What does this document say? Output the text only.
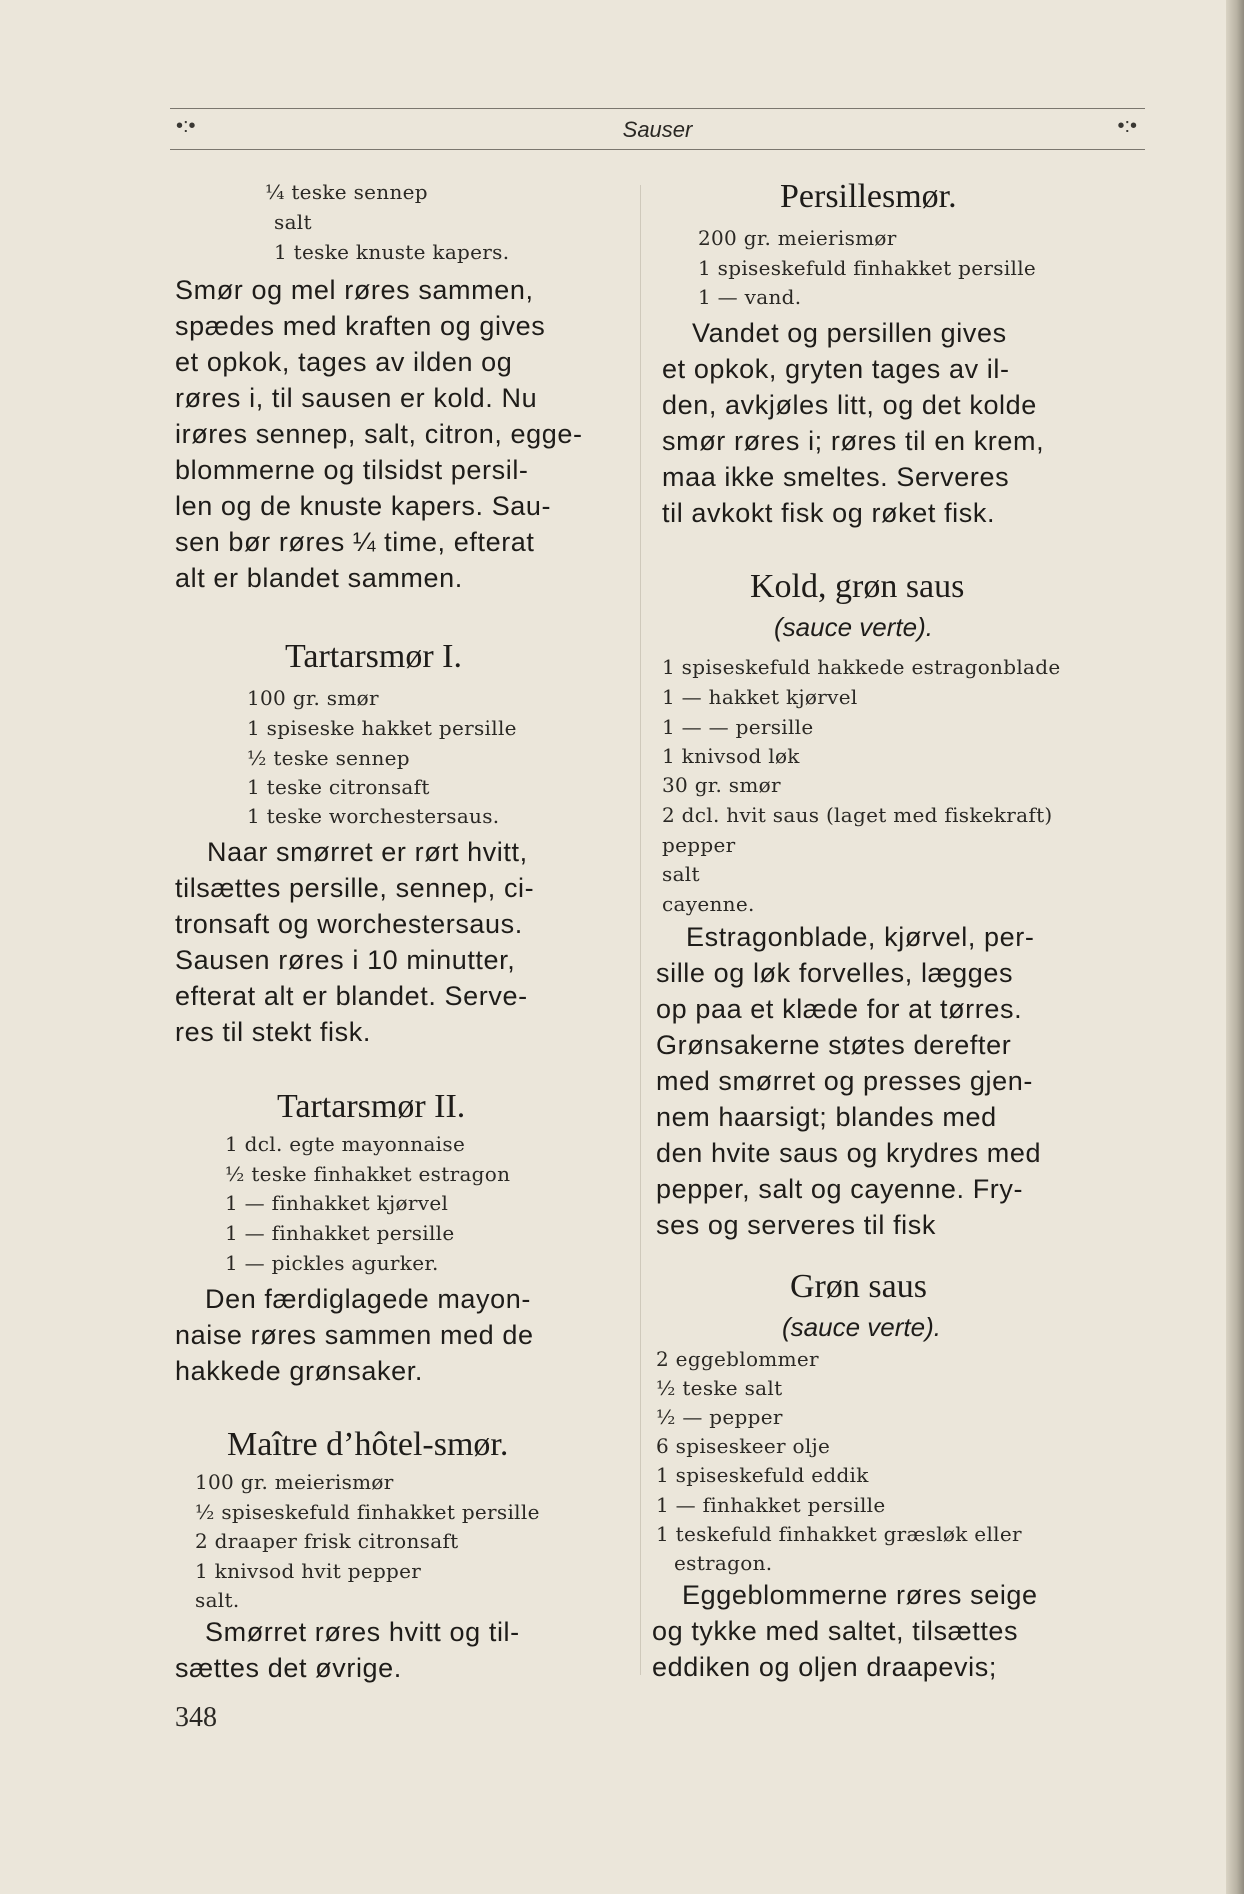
•:•	Sauser	•:•

¼ teske sennep

salt

1 teske knuste kapers.

Smør og mel røres sammen,

spædes med kraften og gives

et opkok, tages av ilden og

røres i, til sausen er kold. Nu

irøres sennep, salt, citron, egge-

blommerne og tilsidst persil-

len og de knuste kapers. Sau-

sen bør røres ¼ time, efterat

alt er blandet sammen.

Tartarsmør I.

100 gr. smør

1 spiseske hakket persille

½ teske sennep

1 teske citronsaft

1 teske worchestersaus.

Naar smørret er rørt hvitt,

tilsættes persille, sennep, ci-

tronsaft og worchestersaus.

Sausen røres i 10 minutter,

efterat alt er blandet. Serve-

res til stekt fisk.

Tartarsmør II.

1 dcl. egte mayonnaise

½ teske finhakket estragon

1 — finhakket kjørvel

1 — finhakket persille

1 — pickles agurker.

Den færdiglagede mayon-

naise røres sammen med de

hakkede grønsaker.

Maître d’hôtel-smør.

100 gr. meierismør

½ spiseskefuld finhakket persille

2 draaper frisk citronsaft

1 knivsod hvit pepper

salt.

Smørret røres hvitt og til-

sættes det øvrige.

Persillesmør.

200 gr. meierismør

1 spiseskefuld finhakket persille

1 — vand.

Vandet og persillen gives

et opkok, gryten tages av il-

den, avkjøles litt, og det kolde

smør røres i; røres til en krem,

maa ikke smeltes. Serveres

til avkokt fisk og røket fisk.

Kold, grøn saus

(sauce verte).

1 spiseskefuld hakkede estragonblade

1 — hakket kjørvel

1 — — persille

1 knivsod løk

30 gr. smør

2 dcl. hvit saus (laget med fiskekraft)

pepper

salt

cayenne.

Estragonblade, kjørvel, per-

sille og løk forvelles, lægges

op paa et klæde for at tørres.

Grønsakerne støtes derefter

med smørret og presses gjen-

nem haarsigt; blandes med

den hvite saus og krydres med

pepper, salt og cayenne. Fry-

ses og serveres til fisk

Grøn saus

(sauce verte).

2 eggeblommer

½ teske salt

½ — pepper

6 spiseskeer olje

1 spiseskefuld eddik

1 — finhakket persille

1 teskefuld finhakket græsløk eller

estragon.

Eggeblommerne røres seige

og tykke med saltet, tilsættes

eddiken og oljen draapevis;

348
